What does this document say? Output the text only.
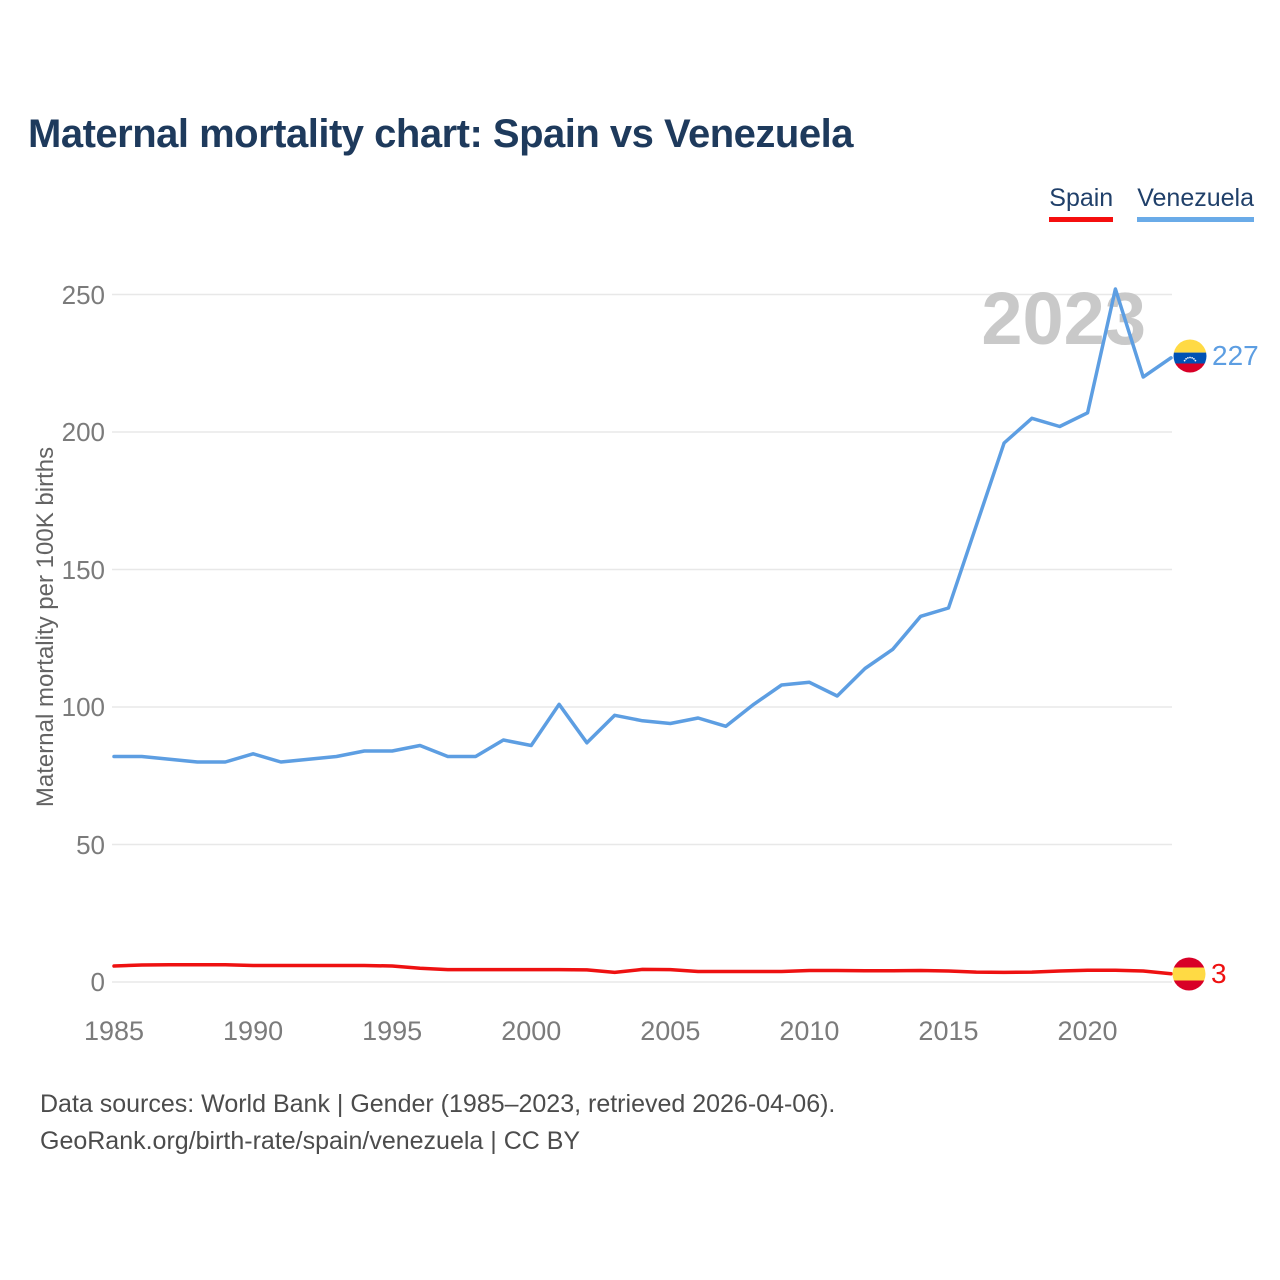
Maternal mortality chart: Spain vs Venezuela
Spain Venezuela
Maternal mortality per 100K births
2023
0
50
100
150
200
250
1985	1990	1995	2000	2005	2010	2015	2020
227
3
Data sources: World Bank | Gender (1985–2023, retrieved 2026-04-06).
GeoRank.org/birth-rate/spain/venezuela | CC BY
